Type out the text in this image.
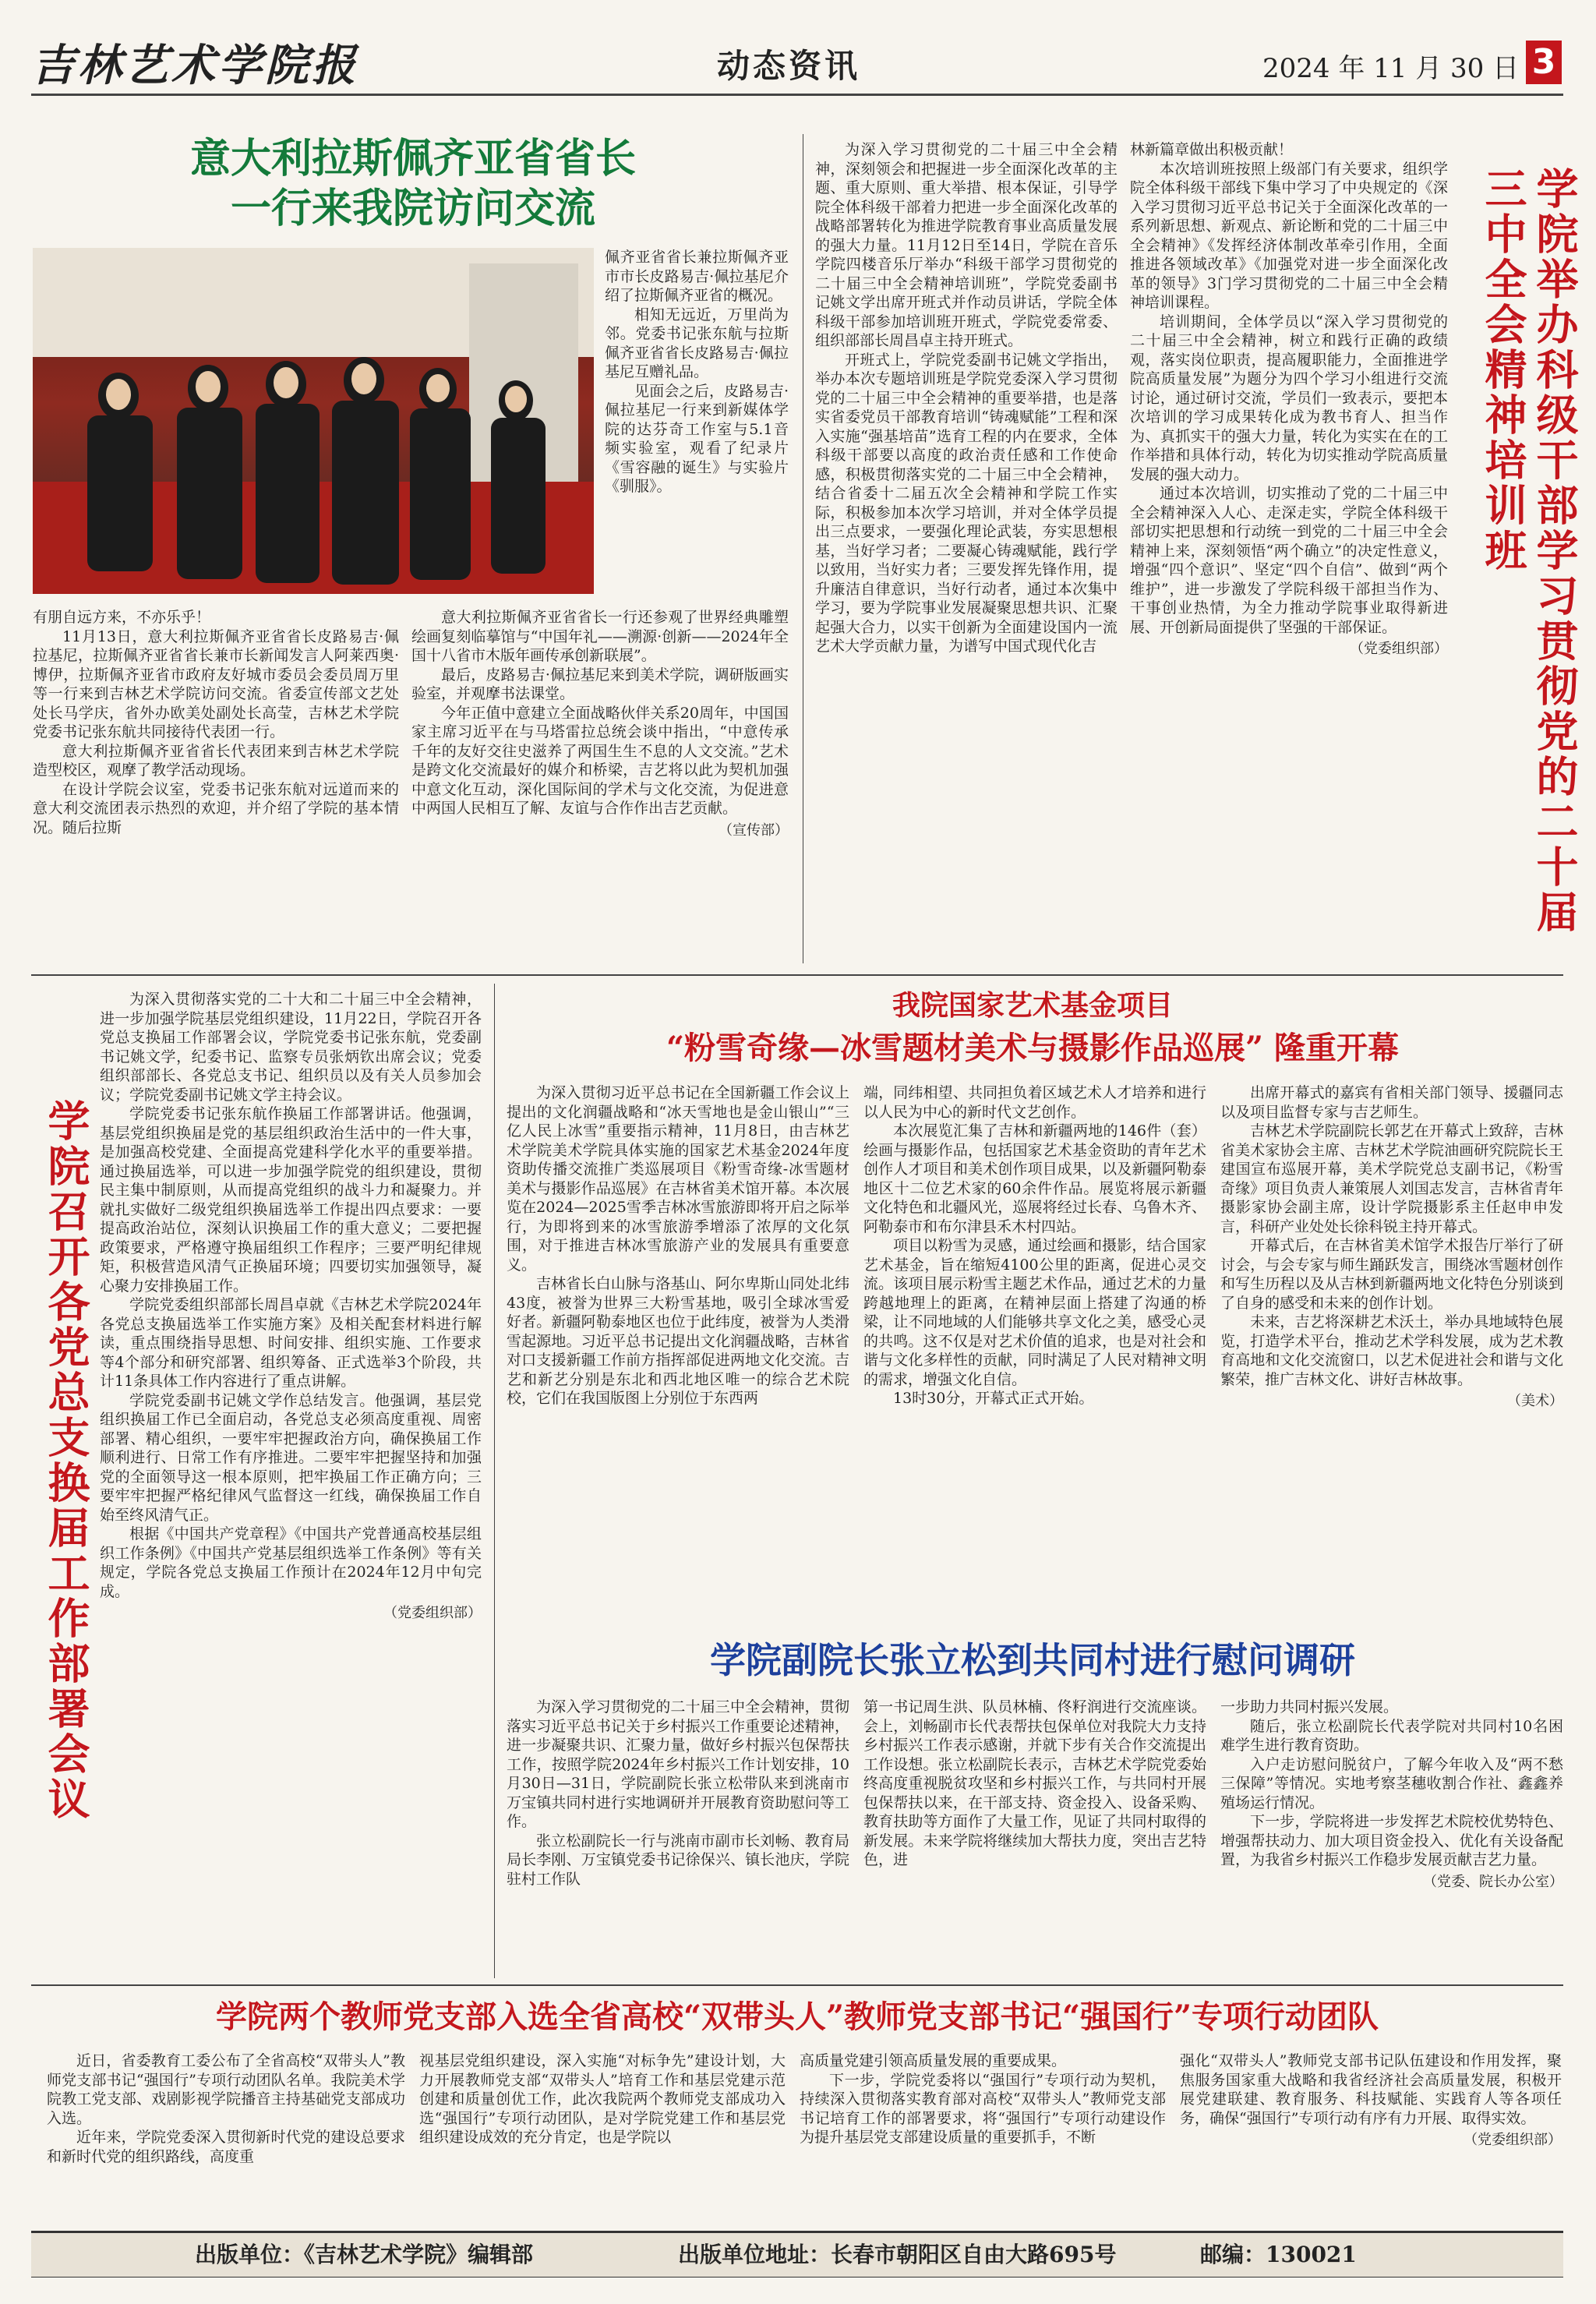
吉林艺术学院报	动态资讯	2024 年 11 月 30 日 3
意大利拉斯佩齐亚省省长
一行来我院访问交流

佩齐亚省省长兼拉斯佩齐亚市市长皮路易吉·佩拉基尼介绍了拉斯佩齐亚省的概况。

相知无远近，万里尚为邻。党委书记张东航与拉斯佩齐亚省省长皮路易吉·佩拉基尼互赠礼品。

见面会之后，皮路易吉·佩拉基尼一行来到新媒体学院的达芬奇工作室与5.1音频实验室，观看了纪录片《雪容融的诞生》与实验片《驯服》。

有朋自远方来，不亦乐乎！

11月13日，意大利拉斯佩齐亚省省长皮路易吉·佩拉基尼，拉斯佩齐亚省省长兼市长新闻发言人阿莱西奥·博伊，拉斯佩齐亚省市政府友好城市委员会委员周万里等一行来到吉林艺术学院访问交流。省委宣传部文艺处处长马学庆，省外办欧美处副处长高莹，吉林艺术学院党委书记张东航共同接待代表团一行。

意大利拉斯佩齐亚省省长代表团来到吉林艺术学院造型校区，观摩了教学活动现场。

在设计学院会议室，党委书记张东航对远道而来的意大利交流团表示热烈的欢迎，并介绍了学院的基本情况。随后拉斯

意大利拉斯佩齐亚省省长一行还参观了世界经典雕塑绘画复刻临摹馆与“中国年礼——溯源·创新——2024年全国十八省市木版年画传承创新联展”。

最后，皮路易吉·佩拉基尼来到美术学院，调研版画实验室，并观摩书法课堂。

今年正值中意建立全面战略伙伴关系20周年，中国国家主席习近平在与马塔雷拉总统会谈中指出，“中意传承千年的友好交往史滋养了两国生生不息的人文交流。”艺术是跨文化交流最好的媒介和桥梁，吉艺将以此为契机加强中意文化互动，深化国际间的学术与文化交流，为促进意中两国人民相互了解、友谊与合作作出吉艺贡献。

（宣传部）

为深入学习贯彻党的二十届三中全会精神，深刻领会和把握进一步全面深化改革的主题、重大原则、重大举措、根本保证，引导学院全体科级干部着力把进一步全面深化改革的战略部署转化为推进学院教育事业高质量发展的强大力量。11月12日至14日，学院在音乐学院四楼音乐厅举办“科级干部学习贯彻党的二十届三中全会精神培训班”，学院党委副书记姚文学出席开班式并作动员讲话，学院全体科级干部参加培训班开班式，学院党委常委、组织部部长周昌卓主持开班式。

开班式上，学院党委副书记姚文学指出，举办本次专题培训班是学院党委深入学习贯彻党的二十届三中全会精神的重要举措，也是落实省委党员干部教育培训“铸魂赋能”工程和深入实施“强基培苗”选育工程的内在要求，全体科级干部要以高度的政治责任感和工作使命感，积极贯彻落实党的二十届三中全会精神，结合省委十二届五次全会精神和学院工作实际，积极参加本次学习培训，并对全体学员提出三点要求，一要强化理论武装，夯实思想根基，当好学习者；二要凝心铸魂赋能，践行学以致用，当好实力者；三要发挥先锋作用，提升廉洁自律意识，当好行动者，通过本次集中学习，要为学院事业发展凝聚思想共识、汇聚起强大合力，以实干创新为全面建设国内一流艺术大学贡献力量，为谱写中国式现代化吉

林新篇章做出积极贡献！

本次培训班按照上级部门有关要求，组织学院全体科级干部线下集中学习了中央规定的《深入学习贯彻习近平总书记关于全面深化改革的一系列新思想、新观点、新论断和党的二十届三中全会精神》《发挥经济体制改革牵引作用，全面推进各领域改革》《加强党对进一步全面深化改革的领导》3门学习贯彻党的二十届三中全会精神培训课程。

培训期间，全体学员以“深入学习贯彻党的二十届三中全会精神，树立和践行正确的政绩观，落实岗位职责，提高履职能力，全面推进学院高质量发展”为题分为四个学习小组进行交流讨论，通过研讨交流，学员们一致表示，要把本次培训的学习成果转化成为教书育人、担当作为、真抓实干的强大力量，转化为实实在在的工作举措和具体行动，转化为切实推动学院高质量发展的强大动力。

通过本次培训，切实推动了党的二十届三中全会精神深入人心、走深走实，学院全体科级干部切实把思想和行动统一到党的二十届三中全会精神上来，深刻领悟“两个确立”的决定性意义，增强“四个意识”、坚定“四个自信”、做到“两个维护”，进一步激发了学院科级干部担当作为、干事创业热情，为全力推动学院事业取得新进展、开创新局面提供了坚强的干部保证。

（党委组织部）	学院举办科级干部学习贯彻党的二十届三中全会精神培训班
学院召开各党总支换届工作部署会议

为深入贯彻落实党的二十大和二十届三中全会精神，进一步加强学院基层党组织建设，11月22日，学院召开各党总支换届工作部署会议，学院党委书记张东航，党委副书记姚文学，纪委书记、监察专员张炳钦出席会议；党委组织部部长、各党总支书记、组织员以及有关人员参加会议；学院党委副书记姚文学主持会议。

学院党委书记张东航作换届工作部署讲话。他强调，基层党组织换届是党的基层组织政治生活中的一件大事，是加强高校党建、全面提高党建科学化水平的重要举措。通过换届选举，可以进一步加强学院党的组织建设，贯彻民主集中制原则，从而提高党组织的战斗力和凝聚力。并就扎实做好二级党组织换届选举工作提出四点要求：一要提高政治站位，深刻认识换届工作的重大意义；二要把握政策要求，严格遵守换届组织工作程序；三要严明纪律规矩，积极营造风清气正换届环境；四要切实加强领导，凝心聚力安排换届工作。

学院党委组织部部长周昌卓就《吉林艺术学院2024年各党总支换届选举工作实施方案》及相关配套材料进行解读，重点围绕指导思想、时间安排、组织实施、工作要求等4个部分和研究部署、组织筹备、正式选举3个阶段，共计11条具体工作内容进行了重点讲解。

学院党委副书记姚文学作总结发言。他强调，基层党组织换届工作已全面启动，各党总支必须高度重视、周密部署、精心组织，一要牢牢把握政治方向，确保换届工作顺利进行、日常工作有序推进。二要牢牢把握坚持和加强党的全面领导这一根本原则，把牢换届工作正确方向；三要牢牢把握严格纪律风气监督这一红线，确保换届工作自始至终风清气正。

根据《中国共产党章程》《中国共产党普通高校基层组织工作条例》《中国共产党基层组织选举工作条例》等有关规定，学院各党总支换届工作预计在2024年12月中旬完成。

（党委组织部）
我院国家艺术基金项目
“粉雪奇缘—冰雪题材美术与摄影作品巡展” 隆重开幕

为深入贯彻习近平总书记在全国新疆工作会议上提出的文化润疆战略和“冰天雪地也是金山银山”“三亿人民上冰雪”重要指示精神，11月8日，由吉林艺术学院美术学院具体实施的国家艺术基金2024年度资助传播交流推广类巡展项目《粉雪奇缘-冰雪题材美术与摄影作品巡展》在吉林省美术馆开幕。本次展览在2024—2025雪季吉林冰雪旅游即将开启之际举行，为即将到来的冰雪旅游季增添了浓厚的文化氛围，对于推进吉林冰雪旅游产业的发展具有重要意义。

吉林省长白山脉与洛基山、阿尔卑斯山同处北纬43度，被誉为世界三大粉雪基地，吸引全球冰雪爱好者。新疆阿勒泰地区也位于此纬度，被誉为人类滑雪起源地。习近平总书记提出文化润疆战略，吉林省对口支援新疆工作前方指挥部促进两地文化交流。吉艺和新艺分别是东北和西北地区唯一的综合艺术院校，它们在我国版图上分别位于东西两

端，同纬相望、共同担负着区域艺术人才培养和进行以人民为中心的新时代文艺创作。

本次展览汇集了吉林和新疆两地的146件（套）绘画与摄影作品，包括国家艺术基金资助的青年艺术创作人才项目和美术创作项目成果，以及新疆阿勒泰地区十二位艺术家的60余件作品。展览将展示新疆文化特色和北疆风光，巡展将经过长春、乌鲁木齐、阿勒泰市和布尔津县禾木村四站。

项目以粉雪为灵感，通过绘画和摄影，结合国家艺术基金，旨在缩短4100公里的距离，促进心灵交流。该项目展示粉雪主题艺术作品，通过艺术的力量跨越地理上的距离，在精神层面上搭建了沟通的桥梁，让不同地域的人们能够共享文化之美，感受心灵的共鸣。这不仅是对艺术价值的追求，也是对社会和谐与文化多样性的贡献，同时满足了人民对精神文明的需求，增强文化自信。

13时30分，开幕式正式开始。

出席开幕式的嘉宾有省相关部门领导、援疆同志以及项目监督专家与吉艺师生。

吉林艺术学院副院长郭艺在开幕式上致辞，吉林省美术家协会主席、吉林艺术学院油画研究院院长王建国宣布巡展开幕，美术学院党总支副书记，《粉雪奇缘》项目负责人兼策展人刘国志发言，吉林省青年摄影家协会副主席，设计学院摄影系主任赵申申发言，科研产业处处长徐科锐主持开幕式。

开幕式后，在吉林省美术馆学术报告厅举行了研讨会，与会专家与师生踊跃发言，围绕冰雪题材创作和写生历程以及从吉林到新疆两地文化特色分别谈到了自身的感受和未来的创作计划。

未来，吉艺将深耕艺术沃土，举办具地域特色展览，打造学术平台，推动艺术学科发展，成为艺术教育高地和文化交流窗口，以艺术促进社会和谐与文化繁荣，推广吉林文化、讲好吉林故事。

（美术）
学院副院长张立松到共同村进行慰问调研

为深入学习贯彻党的二十届三中全会精神，贯彻落实习近平总书记关于乡村振兴工作重要论述精神，进一步凝聚共识、汇聚力量，做好乡村振兴包保帮扶工作，按照学院2024年乡村振兴工作计划安排，10月30日—31日，学院副院长张立松带队来到洮南市万宝镇共同村进行实地调研并开展教育资助慰问等工作。

张立松副院长一行与洮南市副市长刘畅、教育局局长李刚、万宝镇党委书记徐保兴、镇长池庆，学院驻村工作队

第一书记周生洪、队员林楠、佟籽润进行交流座谈。会上，刘畅副市长代表帮扶包保单位对我院大力支持乡村振兴工作表示感谢，并就下步有关合作交流提出工作设想。张立松副院长表示，吉林艺术学院党委始终高度重视脱贫攻坚和乡村振兴工作，与共同村开展包保帮扶以来，在干部支持、资金投入、设备采购、教育扶助等方面作了大量工作，见证了共同村取得的新发展。未来学院将继续加大帮扶力度，突出吉艺特色，进

一步助力共同村振兴发展。

随后，张立松副院长代表学院对共同村10名困难学生进行教育资助。

入户走访慰问脱贫户，了解今年收入及“两不愁三保障”等情况。实地考察茎穗收割合作社、鑫鑫养殖场运行情况。

下一步，学院将进一步发挥艺术院校优势特色、增强帮扶动力、加大项目资金投入、优化有关设备配置，为我省乡村振兴工作稳步发展贡献吉艺力量。

（党委、院长办公室）
学院两个教师党支部入选全省高校“双带头人”教师党支部书记“强国行”专项行动团队

近日，省委教育工委公布了全省高校“双带头人”教师党支部书记“强国行”专项行动团队名单。我院美术学院教工党支部、戏剧影视学院播音主持基础党支部成功入选。

近年来，学院党委深入贯彻新时代党的建设总要求和新时代党的组织路线，高度重

视基层党组织建设，深入实施“对标争先”建设计划，大力开展教师党支部“双带头人”培育工作和基层党建示范创建和质量创优工作，此次我院两个教师党支部成功入选“强国行”专项行动团队，是对学院党建工作和基层党组织建设成效的充分肯定，也是学院以

高质量党建引领高质量发展的重要成果。

下一步，学院党委将以“强国行”专项行动为契机，持续深入贯彻落实教育部对高校“双带头人”教师党支部书记培育工作的部署要求，将“强国行”专项行动建设作为提升基层党支部建设质量的重要抓手，不断

强化“双带头人”教师党支部书记队伍建设和作用发挥，聚焦服务国家重大战略和我省经济社会高质量发展，积极开展党建联建、教育服务、科技赋能、实践育人等各项任务，确保“强国行”专项行动有序有力开展、取得实效。

（党委组织部）
出版单位：《吉林艺术学院》编辑部	出版单位地址：长春市朝阳区自由大路695号	邮编：130021
